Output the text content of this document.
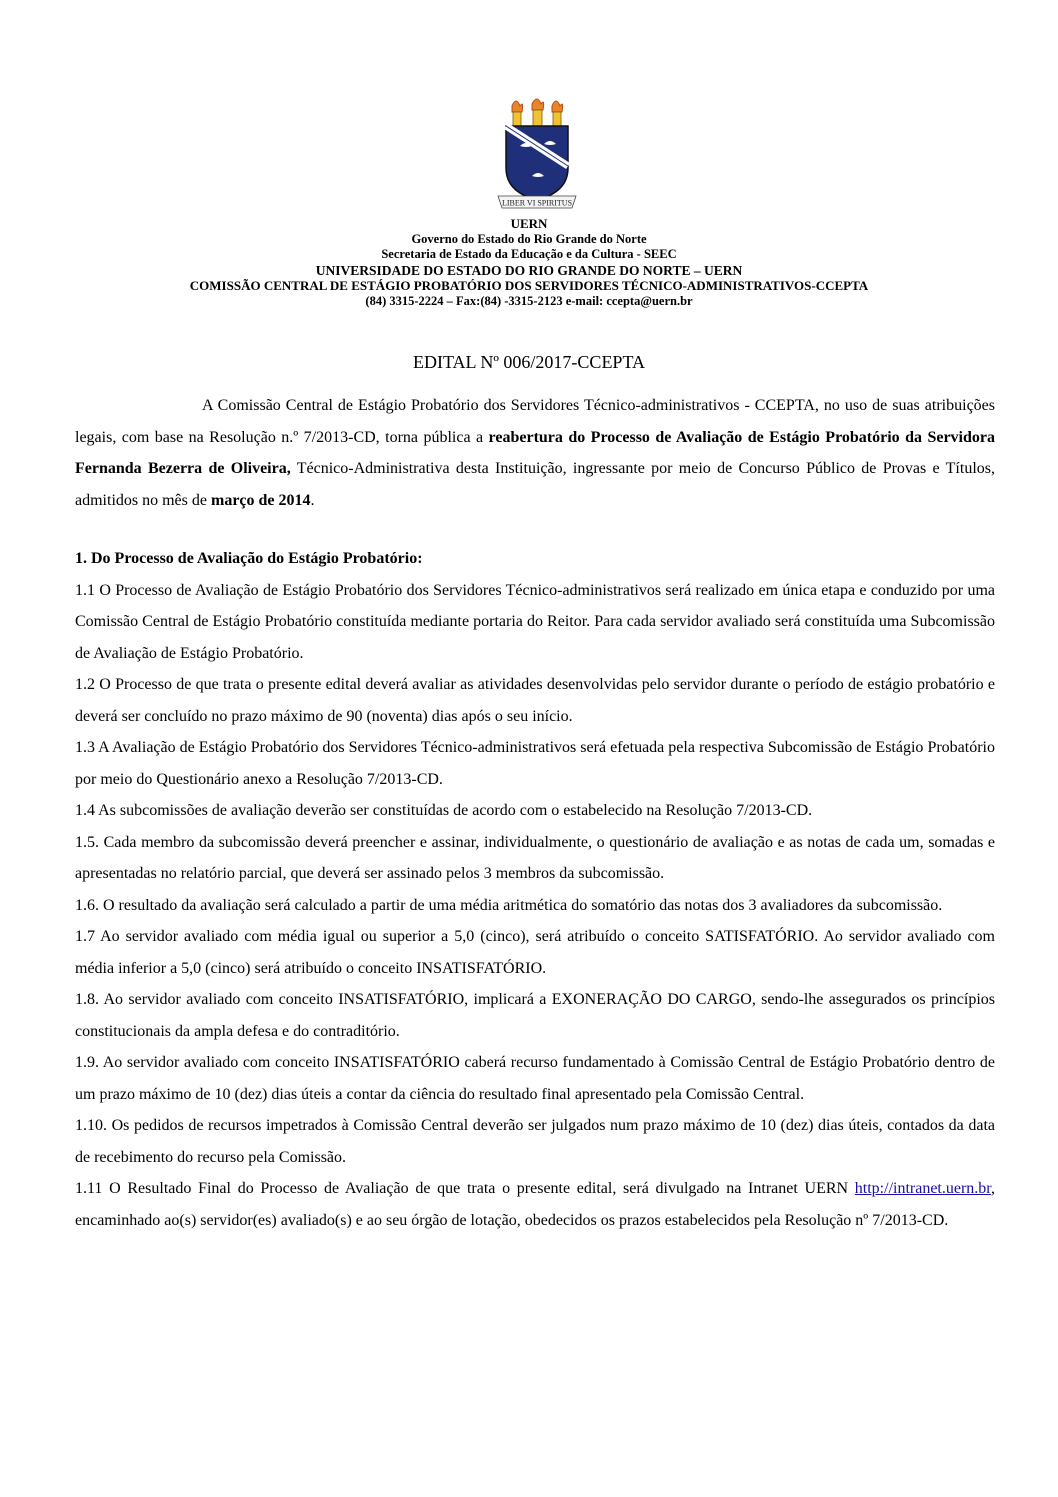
LIBER VI SPIRITUS
UERN
Governo do Estado do Rio Grande do Norte
Secretaria de Estado da Educação e da Cultura - SEEC
UNIVERSIDADE DO ESTADO DO RIO GRANDE DO NORTE – UERN
COMISSÃO CENTRAL DE ESTÁGIO PROBATÓRIO DOS SERVIDORES TÉCNICO-ADMINISTRATIVOS-CCEPTA
(84) 3315-2224 – Fax:(84) -3315-2123 e-mail: ccepta@uern.br
EDITAL Nº 006/2017-CCEPTA

A Comissão Central de Estágio Probatório dos Servidores Técnico-administrativos - CCEPTA, no uso de suas atribuições legais, com base na Resolução n.º 7/2013-CD, torna pública a reabertura do Processo de Avaliação de Estágio Probatório da Servidora Fernanda Bezerra de Oliveira, Técnico-Administrativa desta Instituição, ingressante por meio de Concurso Público de Provas e Títulos, admitidos no mês de março de 2014.

1. Do Processo de Avaliação do Estágio Probatório:

1.1 O Processo de Avaliação de Estágio Probatório dos Servidores Técnico-administrativos será realizado em única etapa e conduzido por uma Comissão Central de Estágio Probatório constituída mediante portaria do Reitor. Para cada servidor avaliado será constituída uma Subcomissão de Avaliação de Estágio Probatório.

1.2 O Processo de que trata o presente edital deverá avaliar as atividades desenvolvidas pelo servidor durante o período de estágio probatório e deverá ser concluído no prazo máximo de 90 (noventa) dias após o seu início.

1.3 A Avaliação de Estágio Probatório dos Servidores Técnico-administrativos será efetuada pela respectiva Subcomissão de Estágio Probatório por meio do Questionário anexo a Resolução 7/2013-CD.

1.4 As subcomissões de avaliação deverão ser constituídas de acordo com o estabelecido na Resolução 7/2013-CD.

1.5. Cada membro da subcomissão deverá preencher e assinar, individualmente, o questionário de avaliação e as notas de cada um, somadas e apresentadas no relatório parcial, que deverá ser assinado pelos 3 membros da subcomissão.

1.6. O resultado da avaliação será calculado a partir de uma média aritmética do somatório das notas dos 3 avaliadores da subcomissão.

1.7 Ao servidor avaliado com média igual ou superior a 5,0 (cinco), será atribuído o conceito SATISFATÓRIO. Ao servidor avaliado com média inferior a 5,0 (cinco) será atribuído o conceito INSATISFATÓRIO.

1.8. Ao servidor avaliado com conceito INSATISFATÓRIO, implicará a EXONERAÇÃO DO CARGO, sendo-lhe assegurados os princípios constitucionais da ampla defesa e do contraditório.

1.9. Ao servidor avaliado com conceito INSATISFATÓRIO caberá recurso fundamentado à Comissão Central de Estágio Probatório dentro de um prazo máximo de 10 (dez) dias úteis a contar da ciência do resultado final apresentado pela Comissão Central.

1.10. Os pedidos de recursos impetrados à Comissão Central deverão ser julgados num prazo máximo de 10 (dez) dias úteis, contados da data de recebimento do recurso pela Comissão.

1.11 O Resultado Final do Processo de Avaliação de que trata o presente edital, será divulgado na Intranet UERN http://intranet.uern.br, encaminhado ao(s) servidor(es) avaliado(s) e ao seu órgão de lotação, obedecidos os prazos estabelecidos pela Resolução nº 7/2013-CD.
